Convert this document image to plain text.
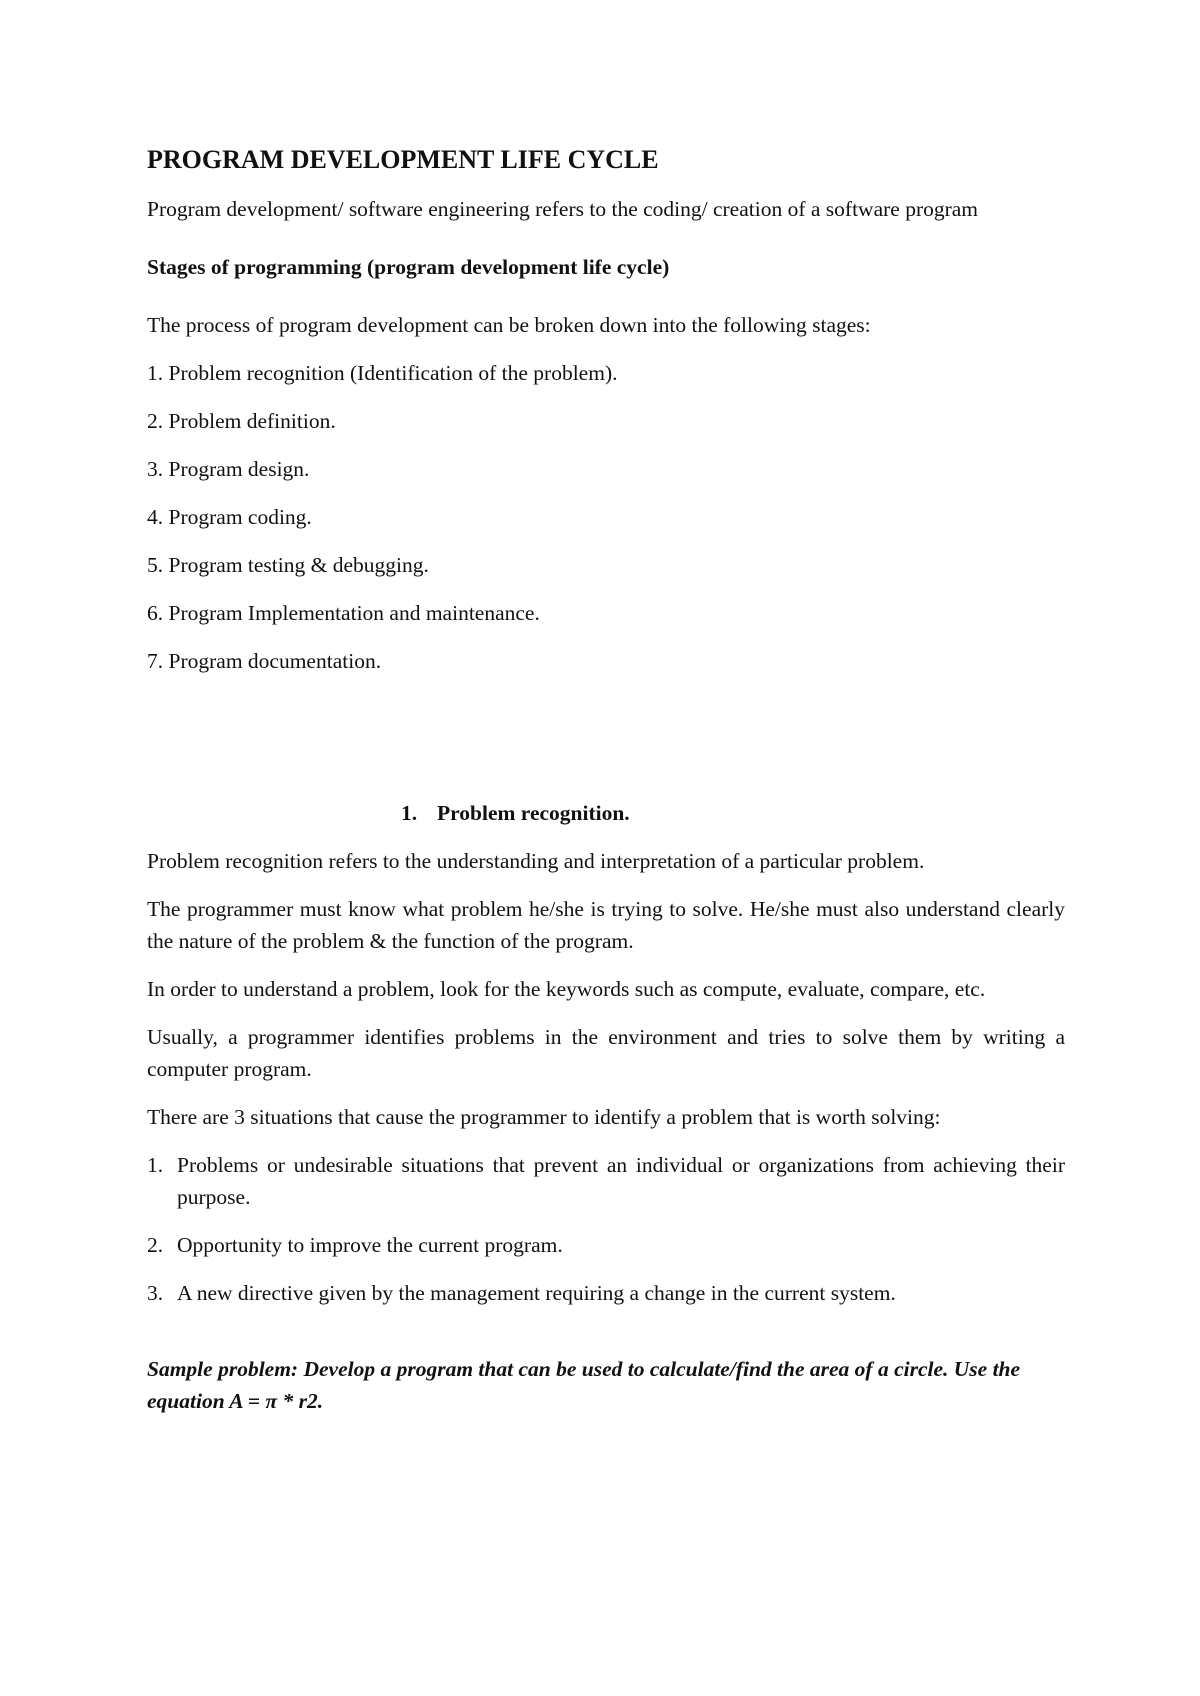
PROGRAM DEVELOPMENT LIFE CYCLE

Program development/ software engineering refers to the coding/ creation of a software program

Stages of programming (program development life cycle)

The process of program development can be broken down into the following stages:

1. Problem recognition (Identification of the problem).
2. Problem definition.
3. Program design.
4. Program coding.
5. Program testing & debugging.
6. Program Implementation and maintenance.
7. Program documentation.
1. Problem recognition.

Problem recognition refers to the understanding and interpretation of a particular problem.

The programmer must know what problem he/she is trying to solve. He/she must also understand clearly the nature of the problem & the function of the program.

In order to understand a problem, look for the keywords such as compute, evaluate, compare, etc.

Usually, a programmer identifies problems in the environment and tries to solve them by writing a computer program.

There are 3 situations that cause the programmer to identify a problem that is worth solving:

1. Problems or undesirable situations that prevent an individual or organizations from achieving their purpose.
2. Opportunity to improve the current program.
3. A new directive given by the management requiring a change in the current system.

Sample problem: Develop a program that can be used to calculate/find the area of a circle. Use the equation A = π * r2.
